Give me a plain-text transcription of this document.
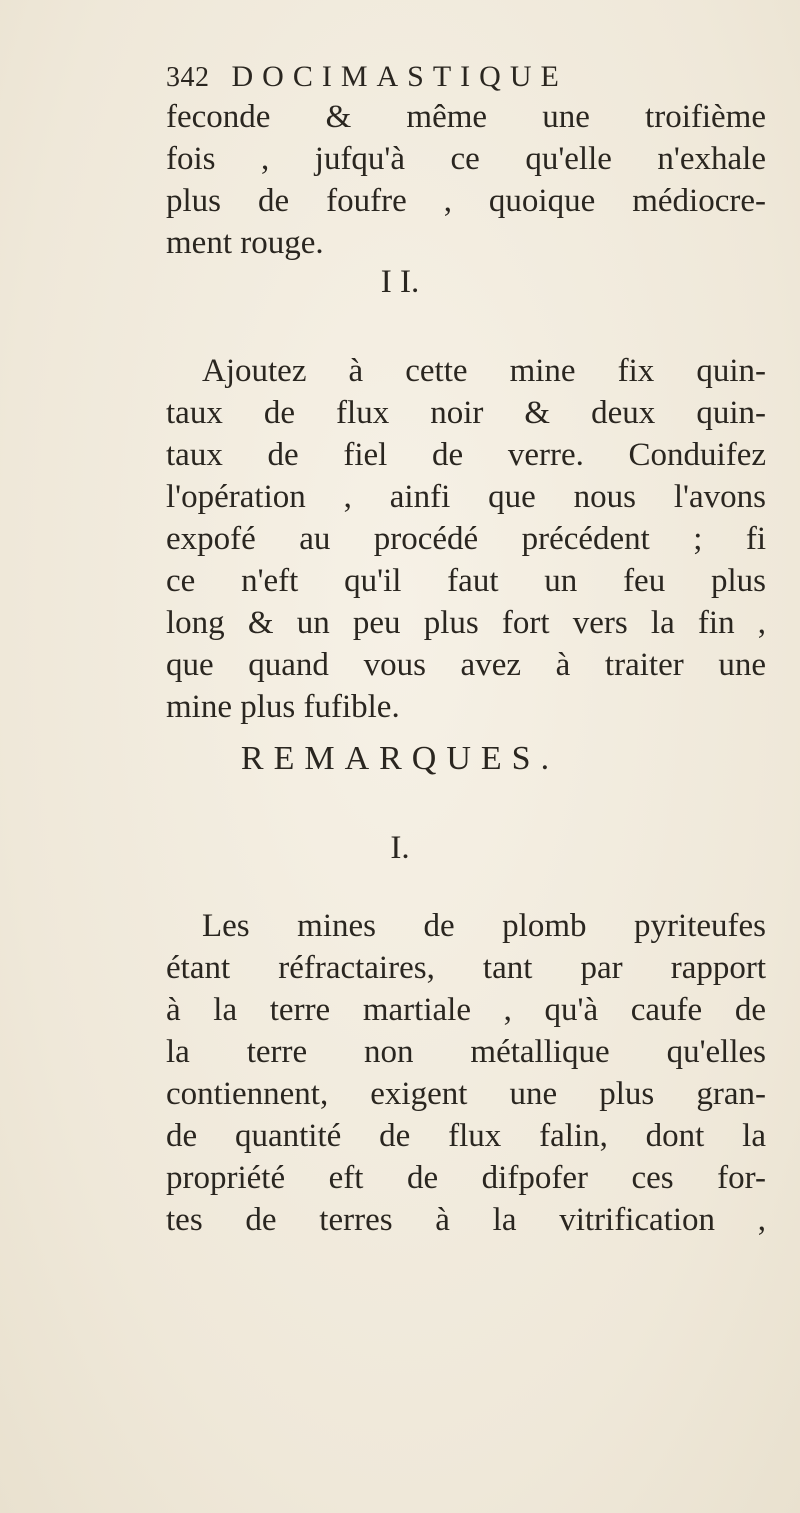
342 DOCIMASTIQUE
feconde & même une troifième
fois , jufqu'à ce qu'elle n'exhale
plus de foufre , quoique médiocre-
ment rouge.
I I.
Ajoutez à cette mine fix quin-
taux de flux noir & deux quin-
taux de fiel de verre. Conduifez
l'opération , ainfi que nous l'avons
expofé au procédé précédent ; fi
ce n'eft qu'il faut un feu plus
long & un peu plus fort vers la fin ,
que quand vous avez à traiter une
mine plus fufible.
REMARQUES.
I.
Les mines de plomb pyriteufes
étant réfractaires, tant par rapport
à la terre martiale , qu'à caufe de
la terre non métallique qu'elles
contiennent, exigent une plus gran-
de quantité de flux falin, dont la
propriété eft de difpofer ces for-
tes de terres à la vitrification ,
